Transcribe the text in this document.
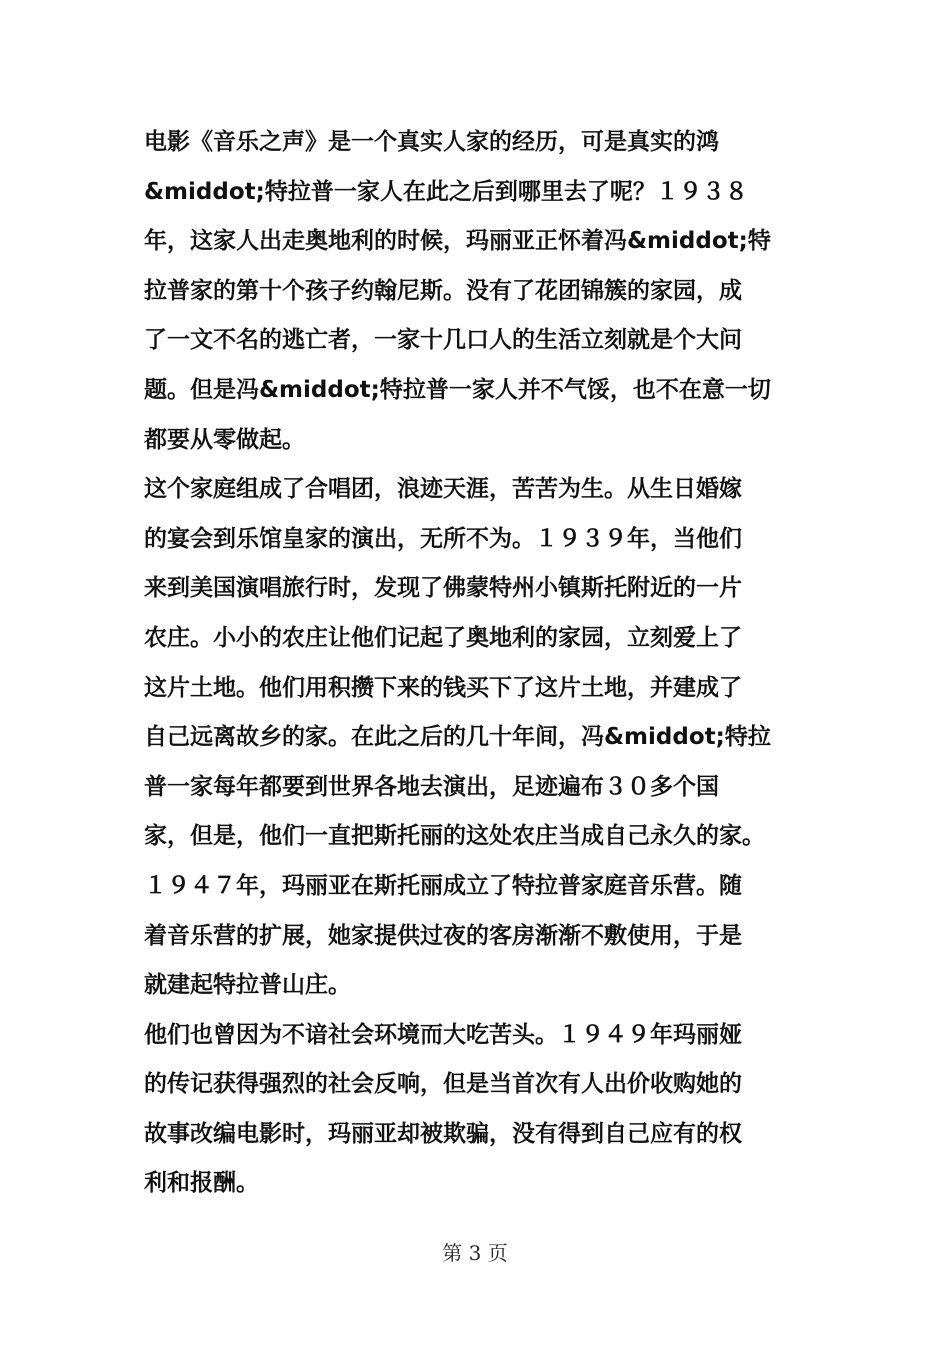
电影《音乐之声》是一个真实人家的经历，可是真实的鸿
&middot;特拉普一家人在此之后到哪里去了呢？１９３８
年，这家人出走奥地利的时候，玛丽亚正怀着冯&middot;特
拉普家的第十个孩子约翰尼斯。没有了花团锦簇的家园，成
了一文不名的逃亡者，一家十几口人的生活立刻就是个大问
题。但是冯&middot;特拉普一家人并不气馁，也不在意一切
都要从零做起。
这个家庭组成了合唱团，浪迹天涯，苦苦为生。从生日婚嫁
的宴会到乐馆皇家的演出，无所不为。１９３９年，当他们
来到美国演唱旅行时，发现了佛蒙特州小镇斯托附近的一片
农庄。小小的农庄让他们记起了奥地利的家园，立刻爱上了
这片土地。他们用积攒下来的钱买下了这片土地，并建成了
自己远离故乡的家。在此之后的几十年间，冯&middot;特拉
普一家每年都要到世界各地去演出，足迹遍布３０多个国
家，但是，他们一直把斯托丽的这处农庄当成自己永久的家。
１９４７年，玛丽亚在斯托丽成立了特拉普家庭音乐营。随
着音乐营的扩展，她家提供过夜的客房渐渐不敷使用，于是
就建起特拉普山庄。
他们也曾因为不谙社会环境而大吃苦头。１９４９年玛丽娅
的传记获得强烈的社会反响，但是当首次有人出价收购她的
故事改编电影时，玛丽亚却被欺骗，没有得到自己应有的权
利和报酬。
第 3 页
